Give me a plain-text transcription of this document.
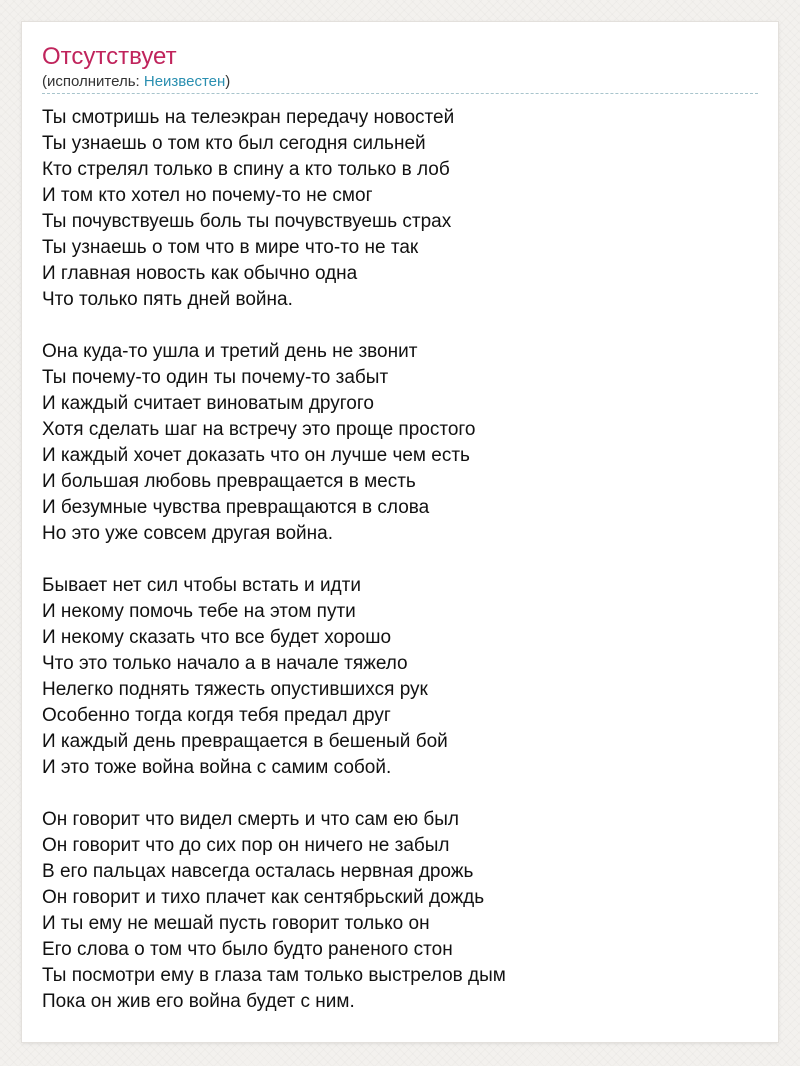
Отсутствует
(исполнитель: Неизвестен)
Ты смотришь на телеэкран передачу новостей
Ты узнаешь о том кто был сегодня сильней
Кто стрелял только в спину а кто только в лоб
И том кто хотел но почему-то не смог
Ты почувствуешь боль ты почувствуешь страх
Ты узнаешь о том что в мире что-то не так
И главная новость как обычно одна
Что только пять дней война.
Она куда-то ушла и третий день не звонит
Ты почему-то один ты почему-то забыт
И каждый считает виноватым другого
Хотя сделать шаг на встречу это проще простого
И каждый хочет доказать что он лучше чем есть
И большая любовь превращается в месть
И безумные чувства превращаются в слова
Но это уже совсем другая война.
Бывает нет сил чтобы встать и идти
И некому помочь тебе на этом пути
И некому сказать что все будет хорошо
Что это только начало а в начале тяжело
Нелегко поднять тяжесть опустившихся рук
Особенно тогда когдя тебя предал друг
И каждый день превращается в бешеный бой
И это тоже война война с самим собой.
Он говорит что видел смерть и что сам ею был
Он говорит что до сих пор он ничего не забыл
В его пальцах навсегда осталась нервная дрожь
Он говорит и тихо плачет как сентябрьский дождь
И ты ему не мешай пусть говорит только он
Его слова о том что было будто раненого стон
Ты посмотри ему в глаза там только выстрелов дым
Пока он жив его война будет с ним.
